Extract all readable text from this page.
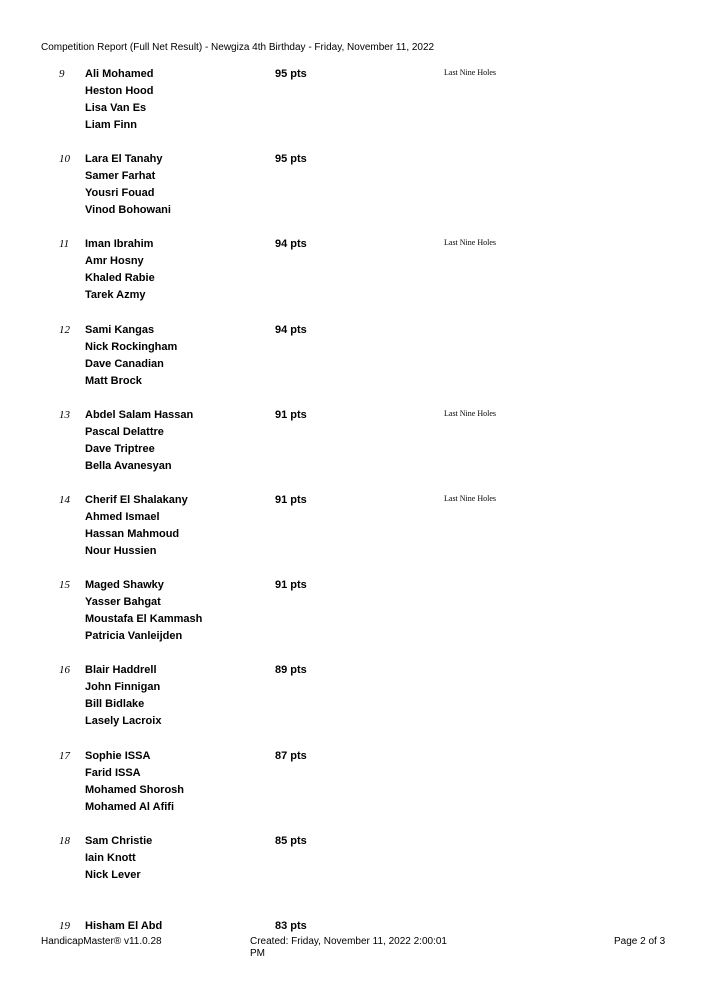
Competition Report (Full Net Result) - Newgiza 4th Birthday - Friday, November 11, 2022
9 Ali Mohamed
Heston Hood
Lisa Van Es
Liam Finn
95 pts	Last Nine Holes
10 Lara El Tanahy
Samer Farhat
Yousri Fouad
Vinod Bohowani
95 pts
11 Iman Ibrahim
Amr Hosny
Khaled Rabie
Tarek Azmy
94 pts	Last Nine Holes
12 Sami Kangas
Nick Rockingham
Dave Canadian
Matt Brock
94 pts
13 Abdel Salam Hassan
Pascal Delattre
Dave Triptree
Bella Avanesyan
91 pts	Last Nine Holes
14 Cherif El Shalakany
Ahmed Ismael
Hassan Mahmoud
Nour Hussien
91 pts	Last Nine Holes
15 Maged Shawky
Yasser Bahgat
Moustafa El Kammash
Patricia Vanleijden
91 pts
16 Blair Haddrell
John Finnigan
Bill Bidlake
Lasely Lacroix
89 pts
17 Sophie ISSA
Farid ISSA
Mohamed Shorosh
Mohamed Al Afifi
87 pts
18 Sam Christie
Iain Knott
Nick Lever
85 pts
19 Hisham El Abd	83 pts
HandicapMaster® v11.0.28	Created: Friday, November 11, 2022 2:00:01 PM
Page 2 of 3
